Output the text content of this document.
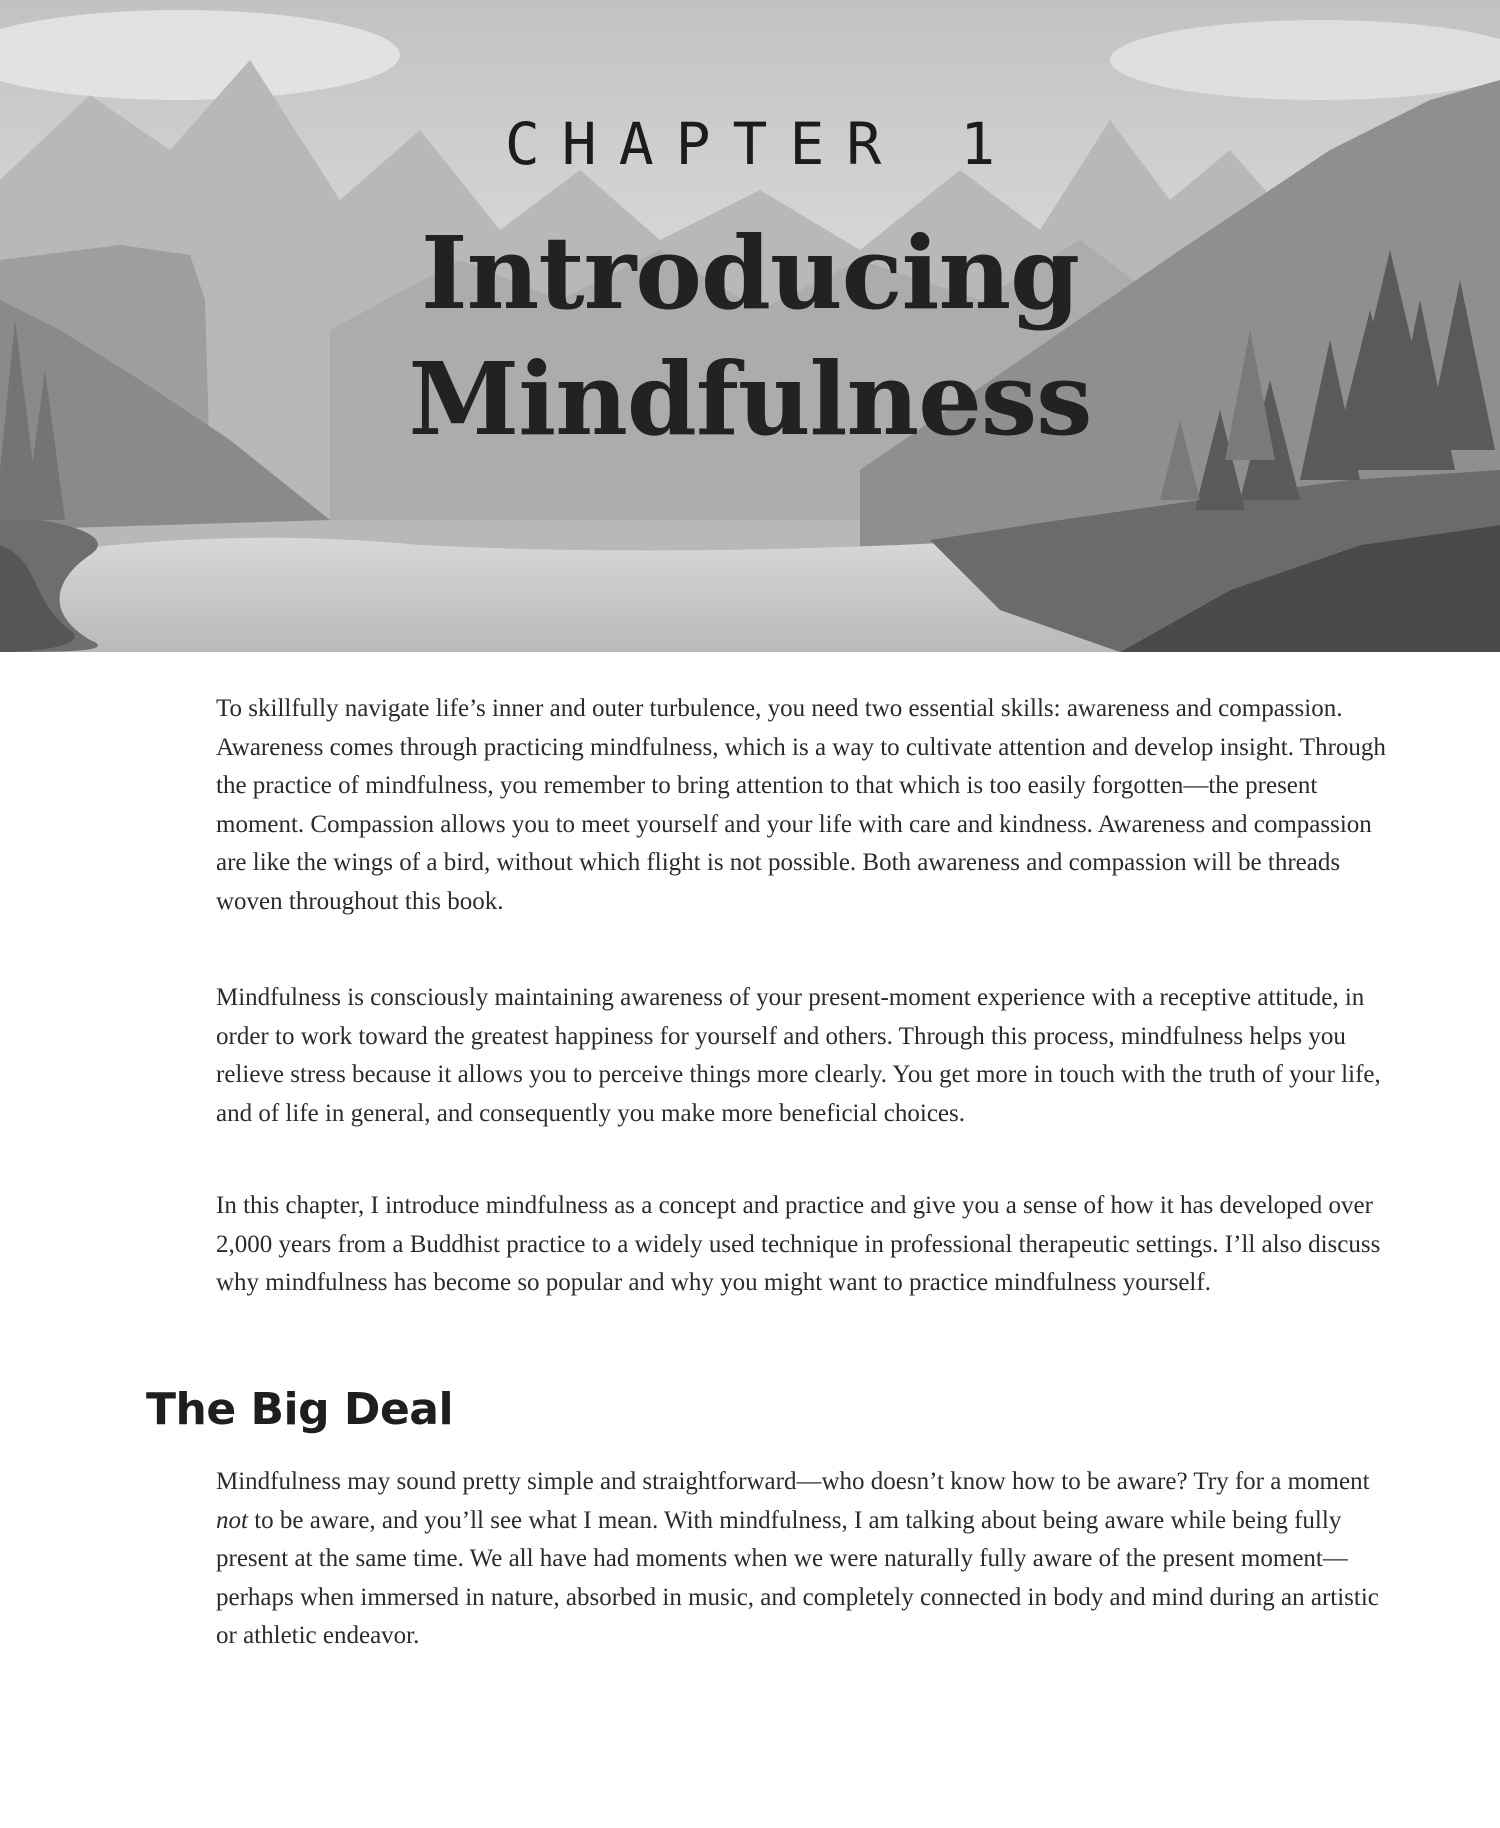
CHAPTER 1
Introducing
Mindfulness

To skillfully navigate life’s inner and outer turbulence, you need two essential skills: awareness and compassion. Awareness comes through practicing mindfulness, which is a way to cultivate attention and develop insight. Through the practice of mindfulness, you remember to bring attention to that which is too easily forgotten—the present moment. Compassion allows you to meet yourself and your life with care and kindness. Awareness and compassion are like the wings of a bird, without which flight is not possible. Both awareness and compassion will be threads woven throughout this book.

Mindfulness is consciously maintaining awareness of your present-moment experience with a receptive attitude, in order to work toward the greatest happiness for yourself and others. Through this process, mindfulness helps you relieve stress because it allows you to perceive things more clearly. You get more in touch with the truth of your life, and of life in general, and consequently you make more beneficial choices.

In this chapter, I introduce mindfulness as a concept and practice and give you a sense of how it has developed over 2,000 years from a Buddhist practice to a widely used technique in professional therapeutic settings. I’ll also discuss why mindfulness has become so popular and why you might want to practice mindfulness yourself.

The Big Deal

Mindfulness may sound pretty simple and straightforward—who doesn’t know how to be aware? Try for a moment not to be aware, and you’ll see what I mean. With mindfulness, I am talking about being aware while being fully present at the same time. We all have had moments when we were naturally fully aware of the present moment—perhaps when immersed in nature, absorbed in music, and completely connected in body and mind during an artistic or athletic endeavor.
